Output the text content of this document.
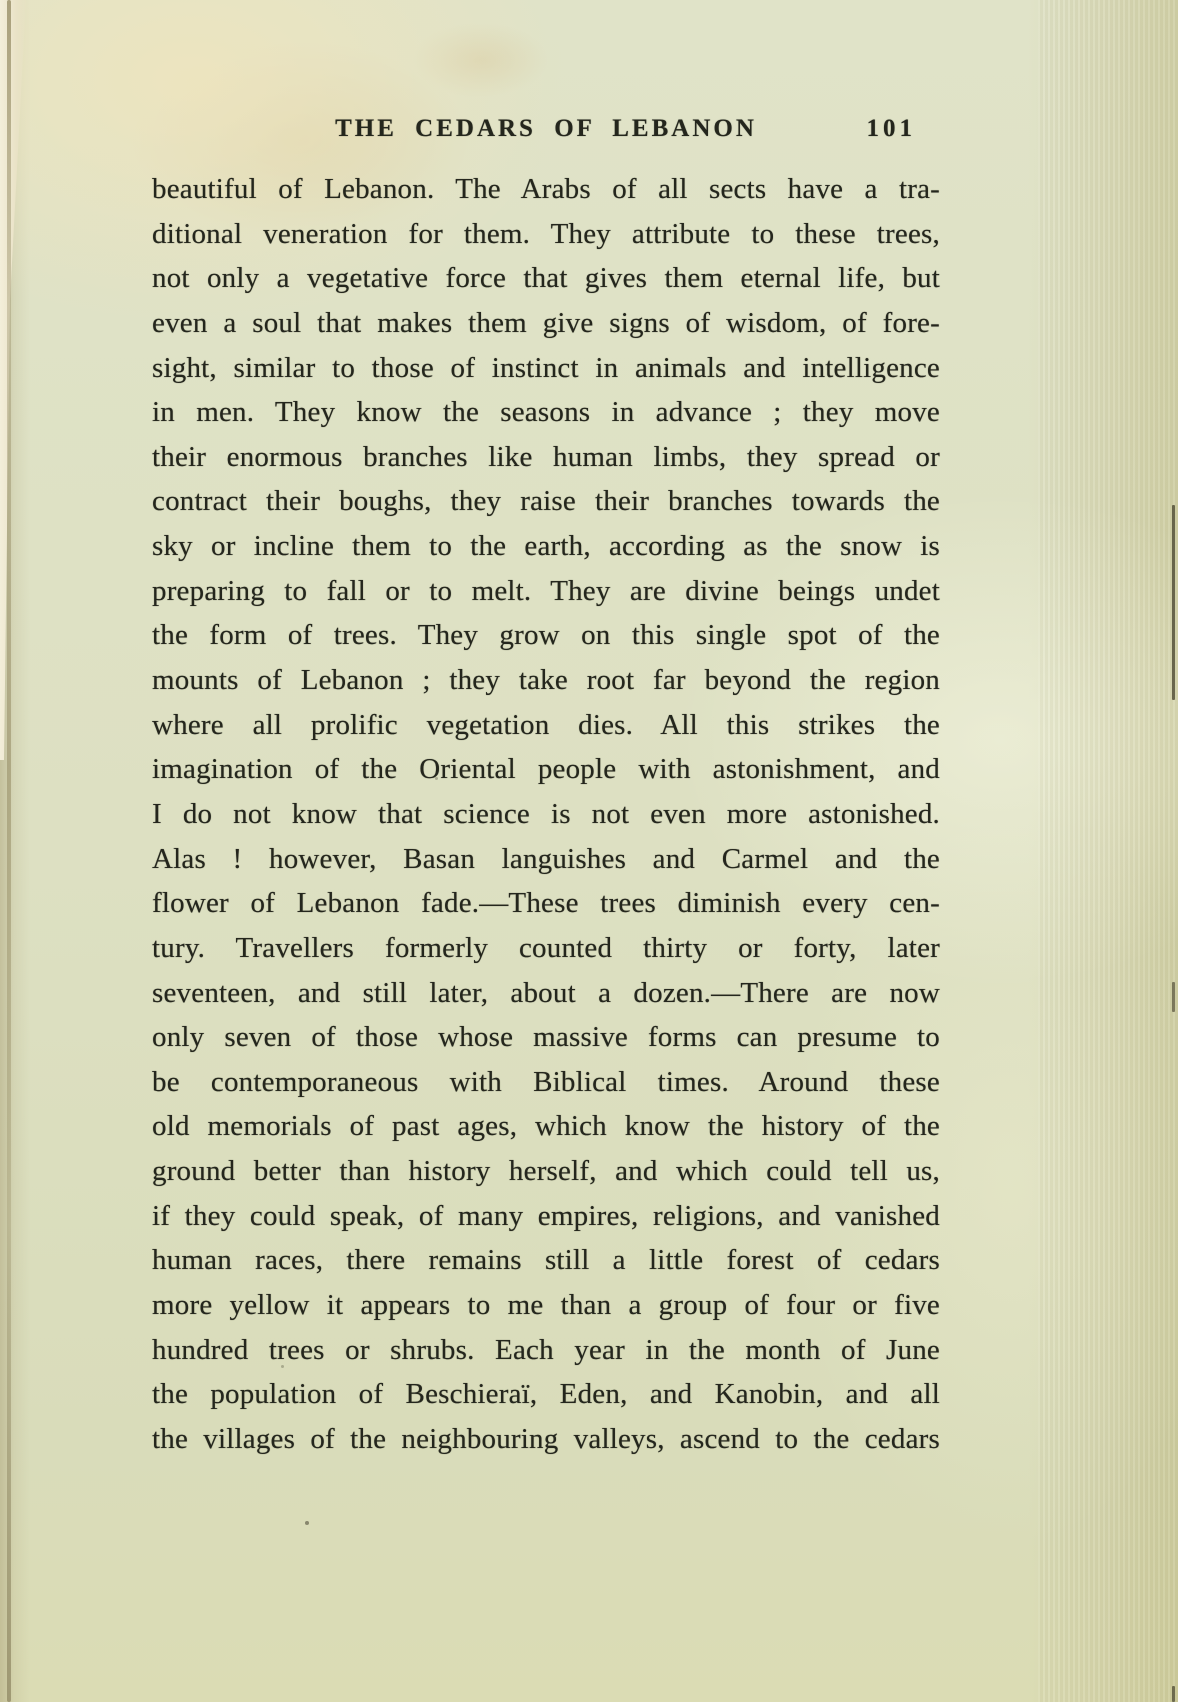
THE CEDARS OF LEBANON	101
beautiful of Lebanon. The Arabs of all sects have a tra-
ditional veneration for them. They attribute to these trees,
not only a vegetative force that gives them eternal life, but
even a soul that makes them give signs of wisdom, of fore-
sight, similar to those of instinct in animals and intelligence
in men. They know the seasons in advance ; they move
their enormous branches like human limbs, they spread or
contract their boughs, they raise their branches towards the
sky or incline them to the earth, according as the snow is
preparing to fall or to melt. They are divine beings undet
the form of trees. They grow on this single spot of the
mounts of Lebanon ; they take root far beyond the region
where all prolific vegetation dies. All this strikes the
imagination of the Oriental people with astonishment, and
I do not know that science is not even more astonished.
Alas ! however, Basan languishes and Carmel and the
flower of Lebanon fade.—These trees diminish every cen-
tury. Travellers formerly counted thirty or forty, later
seventeen, and still later, about a dozen.—There are now
only seven of those whose massive forms can presume to
be contemporaneous with Biblical times. Around these
old memorials of past ages, which know the history of the
ground better than history herself, and which could tell us,
if they could speak, of many empires, religions, and vanished
human races, there remains still a little forest of cedars
more yellow it appears to me than a group of four or five
hundred trees or shrubs. Each year in the month of June
the population of Beschieraï, Eden, and Kanobin, and all
the villages of the neighbouring valleys, ascend to the cedars
